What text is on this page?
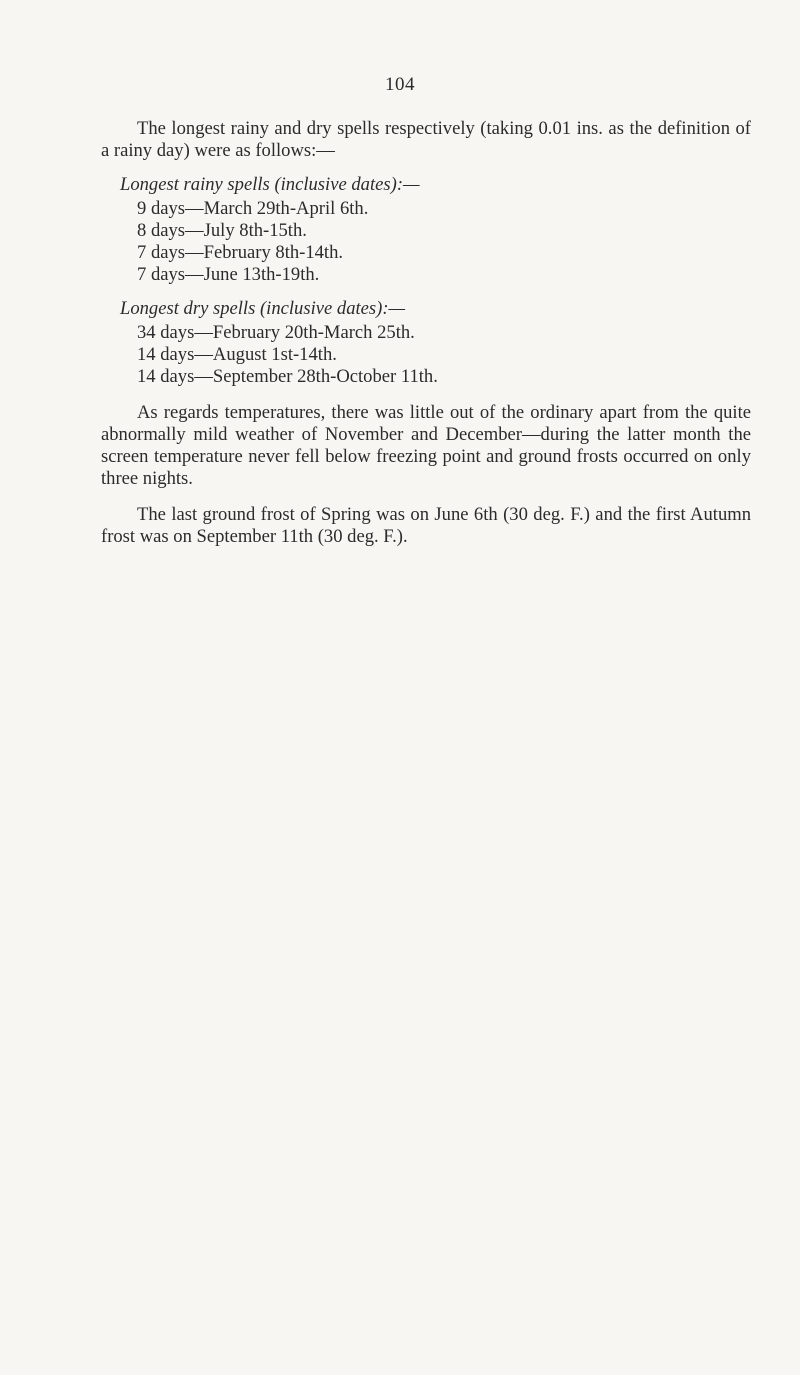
104

The longest rainy and dry spells respectively (taking 0.01 ins. as the definition of a rainy day) were as follows:—

Longest rainy spells (inclusive dates):—

9 days—March 29th-April 6th.
8 days—July 8th-15th.
7 days—February 8th-14th.
7 days—June 13th-19th.

Longest dry spells (inclusive dates):—

34 days—February 20th-March 25th.
14 days—August 1st-14th.
14 days—September 28th-October 11th.

As regards temperatures, there was little out of the ordinary apart from the quite abnormally mild weather of November and December—during the latter month the screen temperature never fell below freezing point and ground frosts occurred on only three nights.

The last ground frost of Spring was on June 6th (30 deg. F.) and the first Autumn frost was on September 11th (30 deg. F.).
